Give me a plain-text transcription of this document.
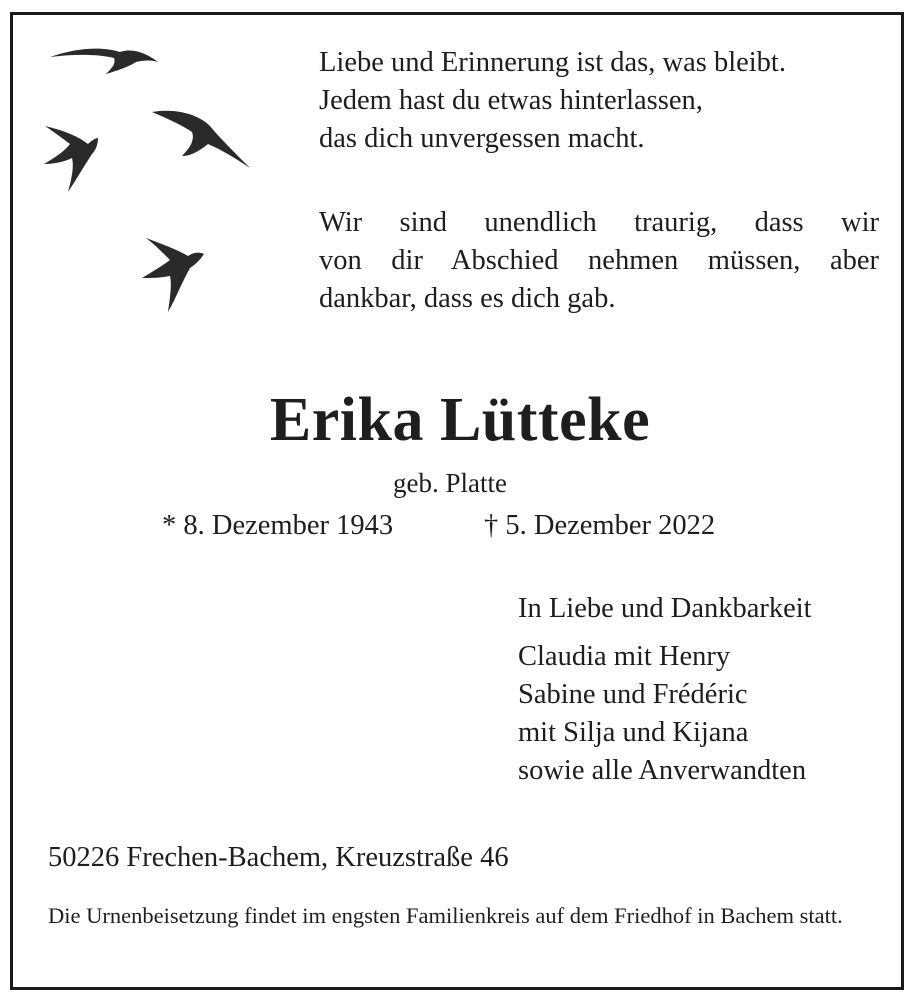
Liebe und Erinnerung ist das, was bleibt.
Jedem hast du etwas hinterlassen,
das dich unvergessen macht.
Wir sind unendlich traurig, dass wir
von dir Abschied nehmen müssen, aber
dankbar, dass es dich gab.
Erika Lütteke
geb. Platte
* 8. Dezember 1943	† 5. Dezember 2022
In Liebe und Dankbarkeit
Claudia mit Henry
Sabine und Frédéric
mit Silja und Kijana
sowie alle Anverwandten
50226 Frechen-Bachem, Kreuzstraße 46
Die Urnenbeisetzung findet im engsten Familienkreis auf dem Friedhof in Bachem statt.
